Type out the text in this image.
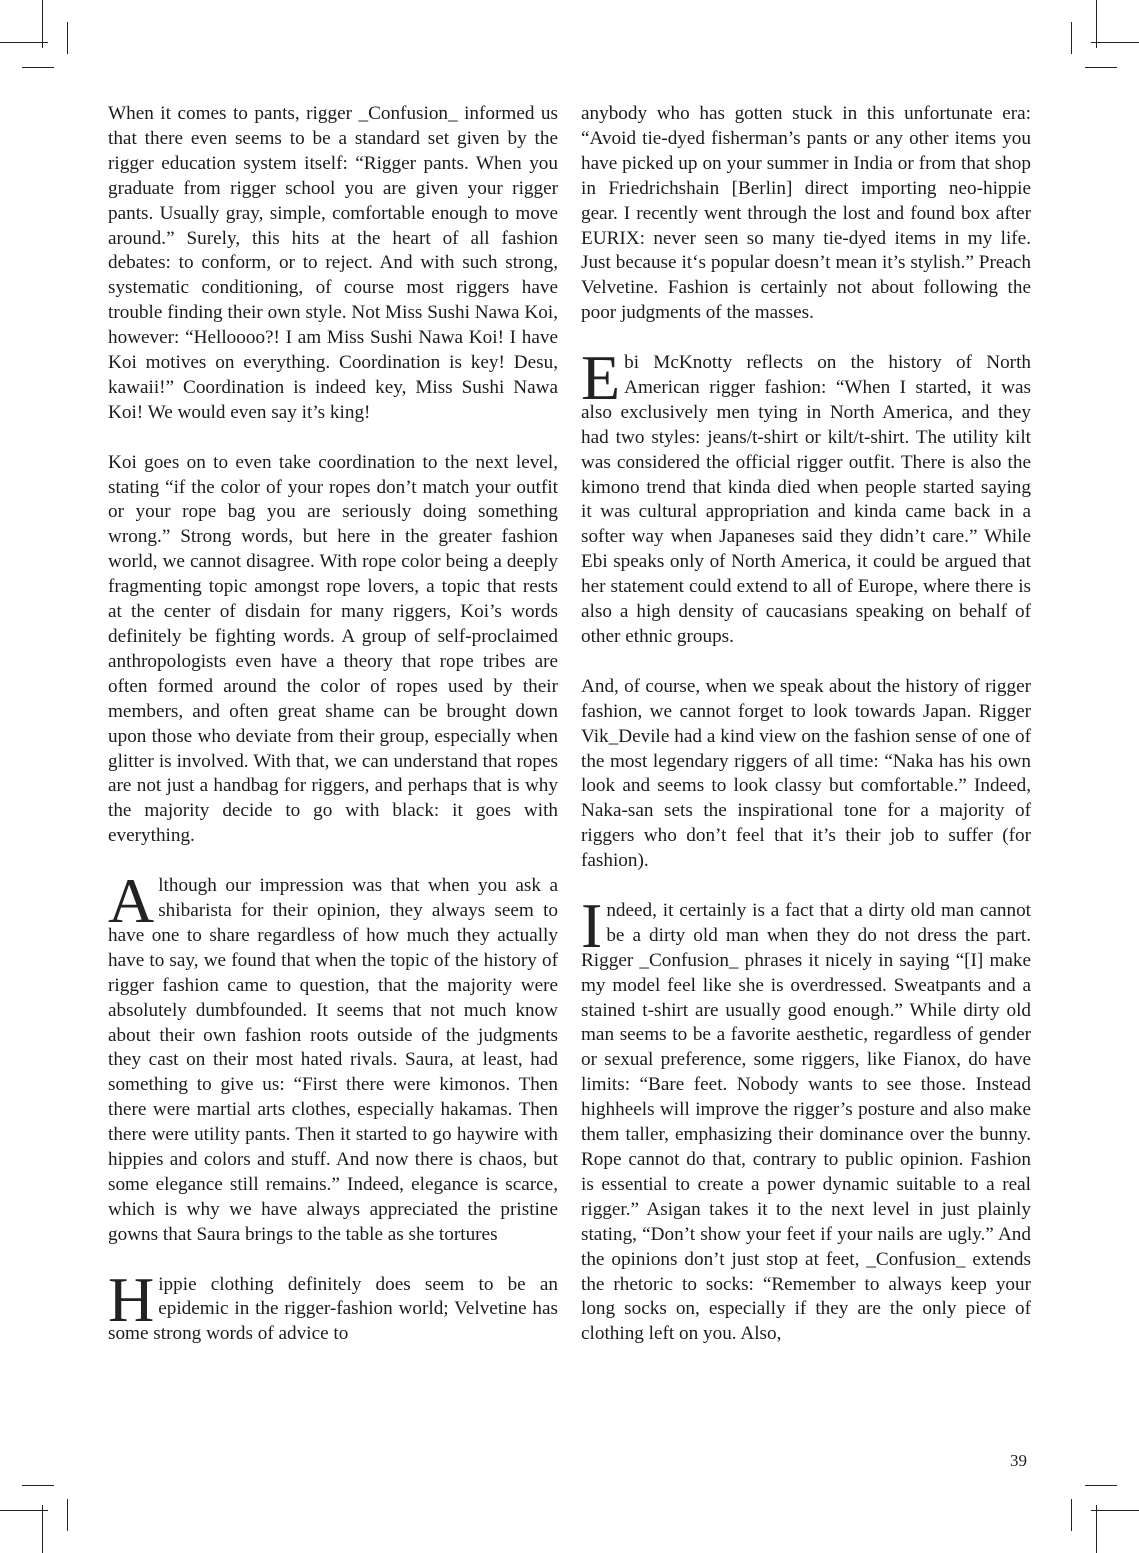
When it comes to pants, rigger _Confusion_ informed us that there even seems to be a standard set given by the rigger education system itself: “Rigger pants. When you graduate from rigger school you are given your rigger pants. Usually gray, simple, comfortable enough to move around.” Surely, this hits at the heart of all fashion debates: to conform, or to reject. And with such strong, systematic conditioning, of course most riggers have trouble finding their own style. Not Miss Sushi Nawa Koi, however: “Helloooo?! I am Miss Sushi Nawa Koi! I have Koi motives on everything. Coordination is key! Desu, kawaii!” Coordination is indeed key, Miss Sushi Nawa Koi! We would even say it’s king!

Koi goes on to even take coordination to the next level, stating “if the color of your ropes don’t match your outfit or your rope bag you are seriously doing something wrong.” Strong words, but here in the greater fashion world, we cannot disagree. With rope color being a deeply fragmenting topic amongst rope lovers, a topic that rests at the center of disdain for many riggers, Koi’s words definitely be fighting words. A group of self-proclaimed anthropologists even have a theory that rope tribes are often formed around the color of ropes used by their members, and often great shame can be brought down upon those who deviate from their group, especially when glitter is involved. With that, we can understand that ropes are not just a handbag for riggers, and perhaps that is why the majority decide to go with black: it goes with everything.

Although our impression was that when you ask a shibarista for their opinion, they always seem to have one to share regardless of how much they actually have to say, we found that when the topic of the history of rigger fashion came to question, that the majority were absolutely dumbfounded. It seems that not much know about their own fashion roots outside of the judgments they cast on their most hated rivals. Saura, at least, had something to give us: “First there were kimonos. Then there were martial arts clothes, especially hakamas. Then there were utility pants. Then it started to go haywire with hippies and colors and stuff. And now there is chaos, but some elegance still remains.” Indeed, elegance is scarce, which is why we have always appreciated the pristine gowns that Saura brings to the table as she tortures

Hippie clothing definitely does seem to be an epidemic in the rigger-fashion world; Velvetine has some strong words of advice to

anybody who has gotten stuck in this unfortunate era: “Avoid tie-dyed fisherman’s pants or any other items you have picked up on your summer in India or from that shop in Friedrichshain [Berlin] direct importing neo-hippie gear. I recently went through the lost and found box after EURIX: never seen so many tie-dyed items in my life. Just because it‘s popular doesn’t mean it’s stylish.” Preach Velvetine. Fashion is certainly not about following the poor judgments of the masses.

Ebi McKnotty reflects on the history of North American rigger fashion: “When I started, it was also exclusively men tying in North America, and they had two styles: jeans/t-shirt or kilt/t-shirt. The utility kilt was considered the official rigger outfit. There is also the kimono trend that kinda died when people started saying it was cultural appropriation and kinda came back in a softer way when Japaneses said they didn’t care.” While Ebi speaks only of North America, it could be argued that her statement could extend to all of Europe, where there is also a high density of caucasians speaking on behalf of other ethnic groups.

And, of course, when we speak about the history of rigger fashion, we cannot forget to look towards Japan. Rigger Vik_Devile had a kind view on the fashion sense of one of the most legendary riggers of all time: “Naka has his own look and seems to look classy but comfortable.” Indeed, Naka-san sets the inspirational tone for a majority of riggers who don’t feel that it’s their job to suffer (for fashion).

Indeed, it certainly is a fact that a dirty old man cannot be a dirty old man when they do not dress the part. Rigger _Confusion_ phrases it nicely in saying “[I] make my model feel like she is overdressed. Sweatpants and a stained t-shirt are usually good enough.” While dirty old man seems to be a favorite aesthetic, regardless of gender or sexual preference, some riggers, like Fianox, do have limits: “Bare feet. Nobody wants to see those. Instead highheels will improve the rigger’s posture and also make them taller, emphasizing their dominance over the bunny. Rope cannot do that, contrary to public opinion. Fashion is essential to create a power dynamic suitable to a real rigger.” Asigan takes it to the next level in just plainly stating, “Don’t show your feet if your nails are ugly.” And the opinions don’t just stop at feet, _Confusion_ extends the rhetoric to socks: “Remember to always keep your long socks on, especially if they are the only piece of clothing left on you. Also,

39
